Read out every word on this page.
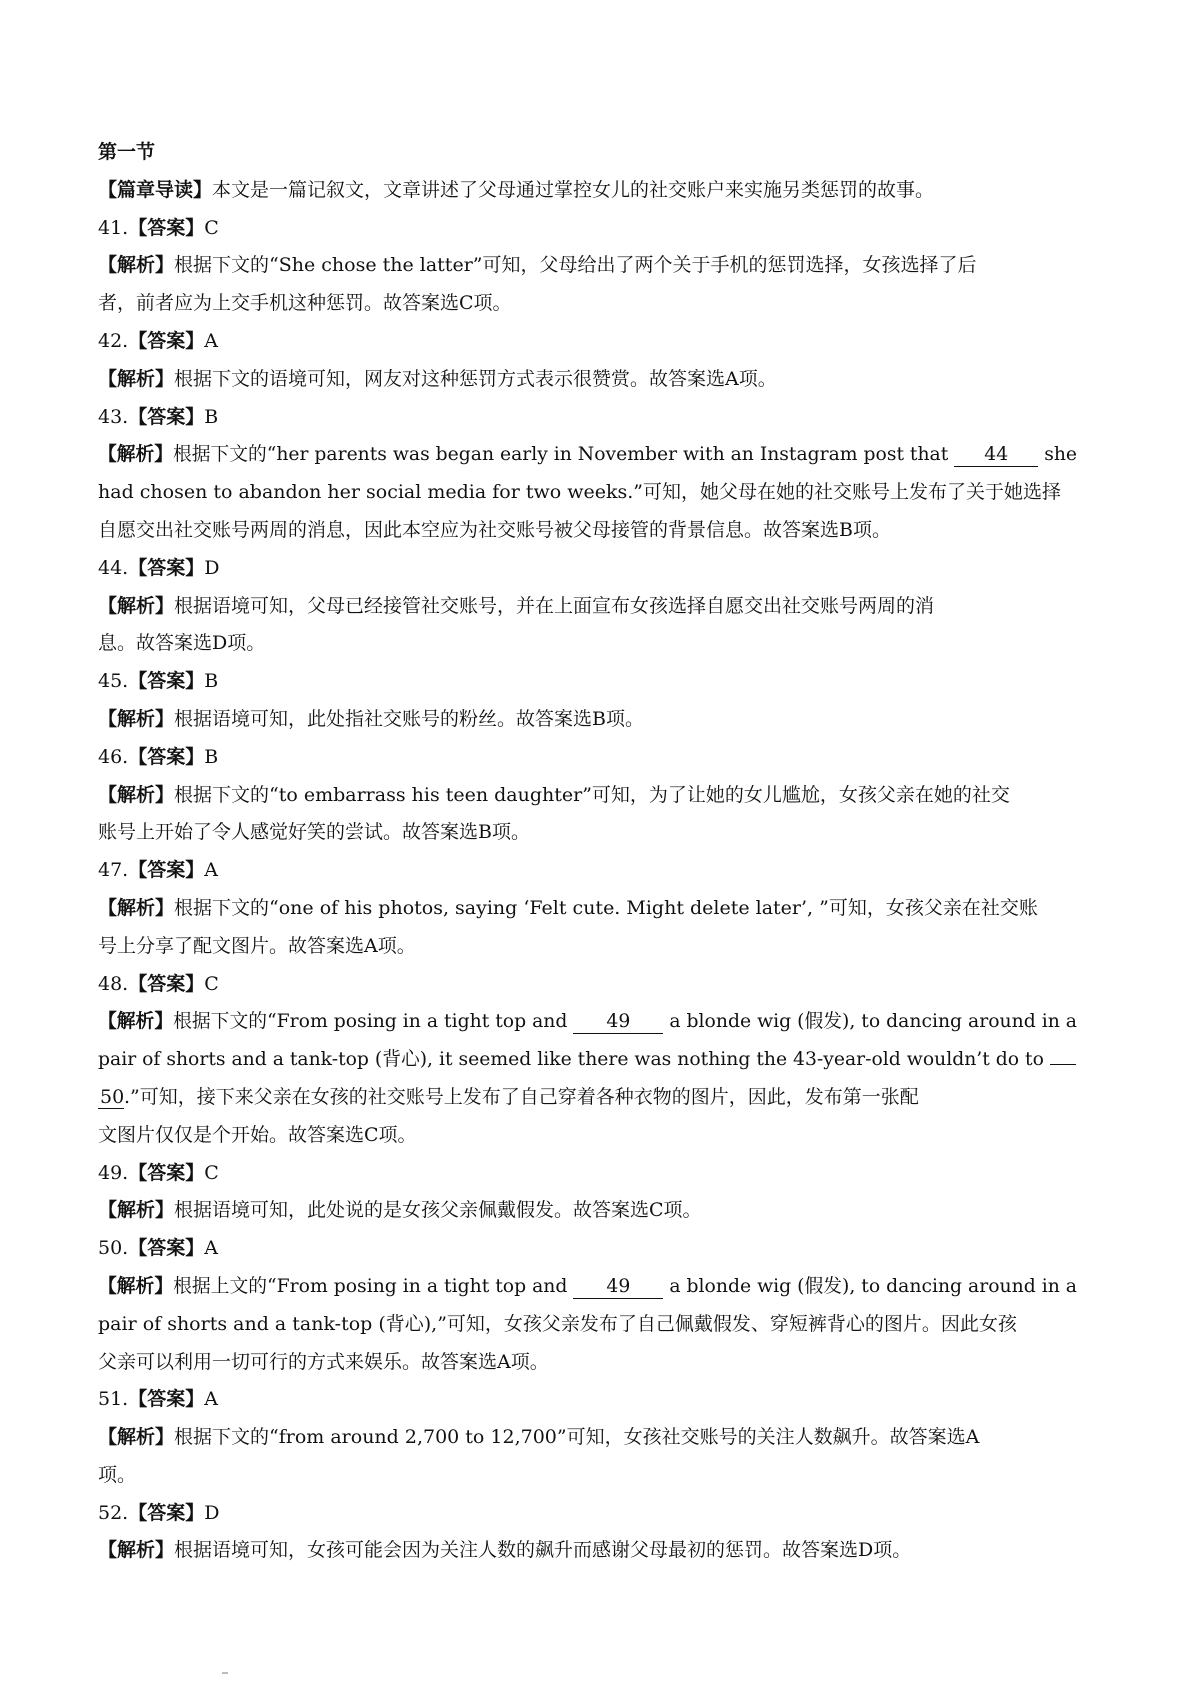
第一节
【篇章导读】本文是一篇记叙文，文章讲述了父母通过掌控女儿的社交账户来实施另类惩罚的故事。
41.【答案】C
【解析】根据下文的“She chose the latter”可知，父母给出了两个关于手机的惩罚选择，女孩选择了后
者，前者应为上交手机这种惩罚。故答案选C项。
42.【答案】A
【解析】根据下文的语境可知，网友对这种惩罚方式表示很赞赏。故答案选A项。
43.【答案】B
【解析】根据下文的“her parents was began early in November with an Instagram post that 44 she
had chosen to abandon her social media for two weeks.”可知，她父母在她的社交账号上发布了关于她选择
自愿交出社交账号两周的消息，因此本空应为社交账号被父母接管的背景信息。故答案选B项。
44.【答案】D
【解析】根据语境可知，父母已经接管社交账号，并在上面宣布女孩选择自愿交出社交账号两周的消
息。故答案选D项。
45.【答案】B
【解析】根据语境可知，此处指社交账号的粉丝。故答案选B项。
46.【答案】B
【解析】根据下文的“to embarrass his teen daughter”可知，为了让她的女儿尴尬，女孩父亲在她的社交
账号上开始了令人感觉好笑的尝试。故答案选B项。
47.【答案】A
【解析】根据下文的“one of his photos, saying ‘Felt cute. Might delete later’, ”可知，女孩父亲在社交账
号上分享了配文图片。故答案选A项。
48.【答案】C
【解析】根据下文的“From posing in a tight top and 49 a blonde wig (假发), to dancing around in a
pair of shorts and a tank-top (背心), it seemed like there was nothing the 43-year-old wouldn’t do to
50.”可知，接下来父亲在女孩的社交账号上发布了自己穿着各种衣物的图片，因此，发布第一张配
文图片仅仅是个开始。故答案选C项。
49.【答案】C
【解析】根据语境可知，此处说的是女孩父亲佩戴假发。故答案选C项。
50.【答案】A
【解析】根据上文的“From posing in a tight top and 49 a blonde wig (假发), to dancing around in a
pair of shorts and a tank-top (背心),”可知，女孩父亲发布了自己佩戴假发、穿短裤背心的图片。因此女孩
父亲可以利用一切可行的方式来娱乐。故答案选A项。
51.【答案】A
【解析】根据下文的“from around 2,700 to 12,700”可知，女孩社交账号的关注人数飙升。故答案选A
项。
52.【答案】D
【解析】根据语境可知，女孩可能会因为关注人数的飙升而感谢父母最初的惩罚。故答案选D项。
